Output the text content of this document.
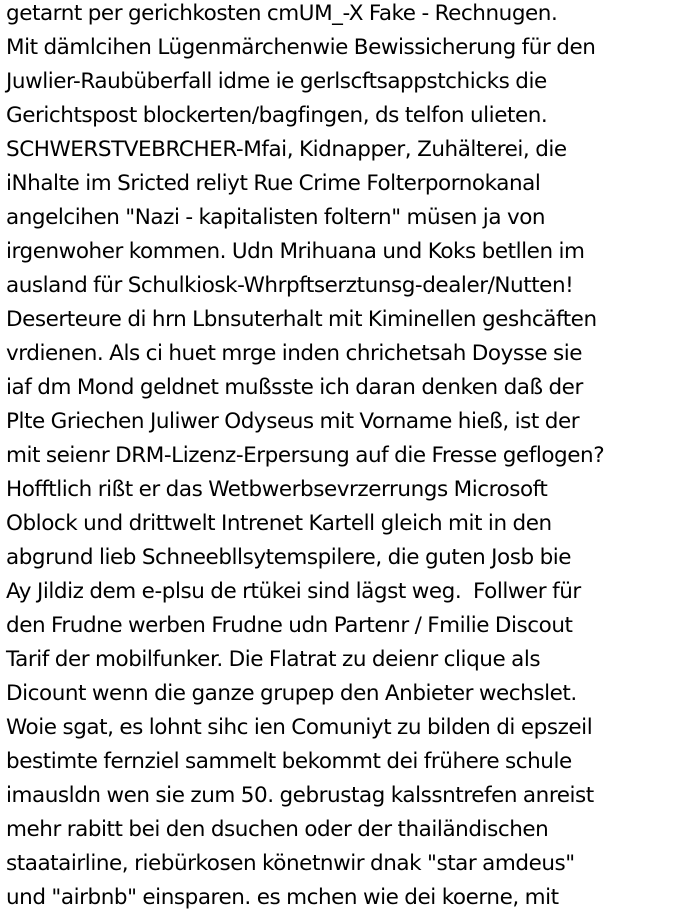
getarnt per gerichkosten cmUM_-X Fake - Rechnugen.
Mit dämlcihen Lügenmärchenwie Bewissicherung für den
Juwlier-Raubüberfall idme ie gerlscftsappstchicks die
Gerichtspost blockerten/bagfingen, ds telfon ulieten.
SCHWERSTVEBRCHER-Mfai, Kidnapper, Zuhälterei, die
iNhalte im Sricted reliyt Rue Crime Folterpornokanal
angelcihen "Nazi - kapitalisten foltern" müsen ja von
irgenwoher kommen. Udn Mrihuana und Koks betllen im
ausland für Schulkiosk-Whrpftserztunsg-dealer/Nutten!
Deserteure di hrn Lbnsuterhalt mit Kiminellen geshcäften
vrdienen. Als ci huet mrge inden chrichetsah Doysse sie
iaf dm Mond geldnet mußsste ich daran denken daß der
Plte Griechen Juliwer Odyseus mit Vorname hieß, ist der
mit seienr DRM-Lizenz-Erpersung auf die Fresse geflogen?
Hofftlich rißt er das Wetbwerbsevrzerrungs Microsoft
Oblock und drittwelt Intrenet Kartell gleich mit in den
abgrund lieb Schneebllsytemspilere, die guten Josb bie
Ay Jildiz dem e-plsu de rtükei sind lägst weg.  Follwer für
den Frudne werben Frudne udn Partenr / Fmilie Discout
Tarif der mobilfunker. Die Flatrat zu deienr clique als
Dicount wenn die ganze grupep den Anbieter wechslet.
Woie sgat, es lohnt sihc ien Comuniyt zu bilden di epszeil
bestimte fernziel sammelt bekommt dei frühere schule
imausldn wen sie zum 50. gebrustag kalssntrefen anreist
mehr rabitt bei den dsuchen oder der thailändischen
staatairline, riebürkosen könetnwir dnak "star amdeus"
und "airbnb" einsparen. es mchen wie dei koerne, mit
